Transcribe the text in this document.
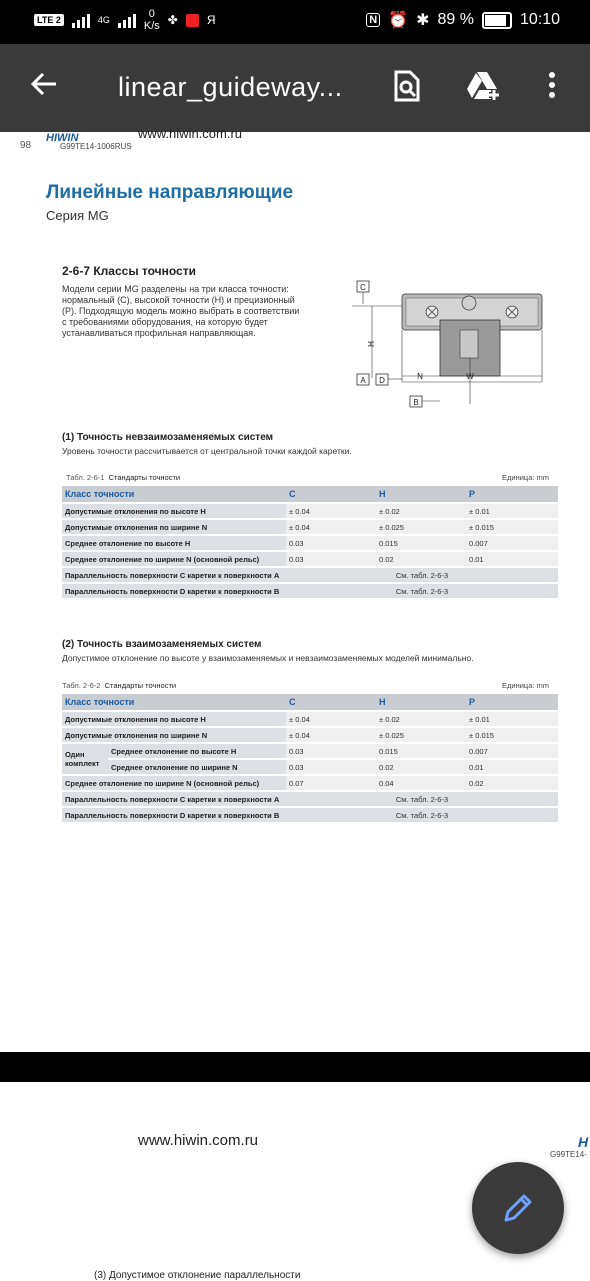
LTE 2	4G	0
K/s ✤ Я	N ⏰ ✱ 89 %	10:10
linear_guideway...
HIWIN
98	G99TE14-1006RUS
www.hiwin.com.ru
Линейные направляющие
Серия MG
2-6-7 Классы точности
Модели серии MG разделены на три класса точности: нормальный (C), высокой точности (H) и прецизионный (P). Подходящую модель можно выбрать в соответствии с требованиями оборудования, на которую будет устанавливаться профильная направляющая.
C
H
A D	N	W
B
(1) Точность невзаимозаменяемых систем
Уровень точности рассчитывается от центральной точки каждой каретки.
Табл. 2-6-1 Стандарты точности	Единица: mm
Класс точности	C	H	P
Допустимые отклонения по высоте H	± 0.04	± 0.02	± 0.01
Допустимые отклонения по ширине N	± 0.04	± 0.025	± 0.015
Среднее отклонение по высоте H	0.03	0.015	0.007
Среднее отклонение по ширине N (основной рельс)	0.03	0.02	0.01
Параллельность поверхности C каретки к поверхности A	См. табл. 2-6-3		
Параллельность поверхности D каретки к поверхности B	См. табл. 2-6-3		
(2) Точность взаимозаменяемых систем
Допустимое отклонение по высоте у взаимозаменяемых и невзаимозаменяемых моделей минимально.
Табл. 2-6-2 Стандарты точности	Единица: mm
Класс точности		C	H	P
Допустимые отклонения по высоте H		± 0.04	± 0.02	± 0.01
Допустимые отклонения по ширине N		± 0.04	± 0.025	± 0.015
Один комплект	Среднее отклонение по высоте H	0.03	0.015	0.007
	Среднее отклонение по ширине N	0.03	0.02	0.01
Среднее отклонение по ширине N (основной рельс)		0.07	0.04	0.02
Параллельность поверхности C каретки к поверхности A		См. табл. 2-6-3		
Параллельность поверхности D каретки к поверхности B		См. табл. 2-6-3		
www.hiwin.com.ru	H
G99TE14-
(3) Допустимое отклонение параллельности
